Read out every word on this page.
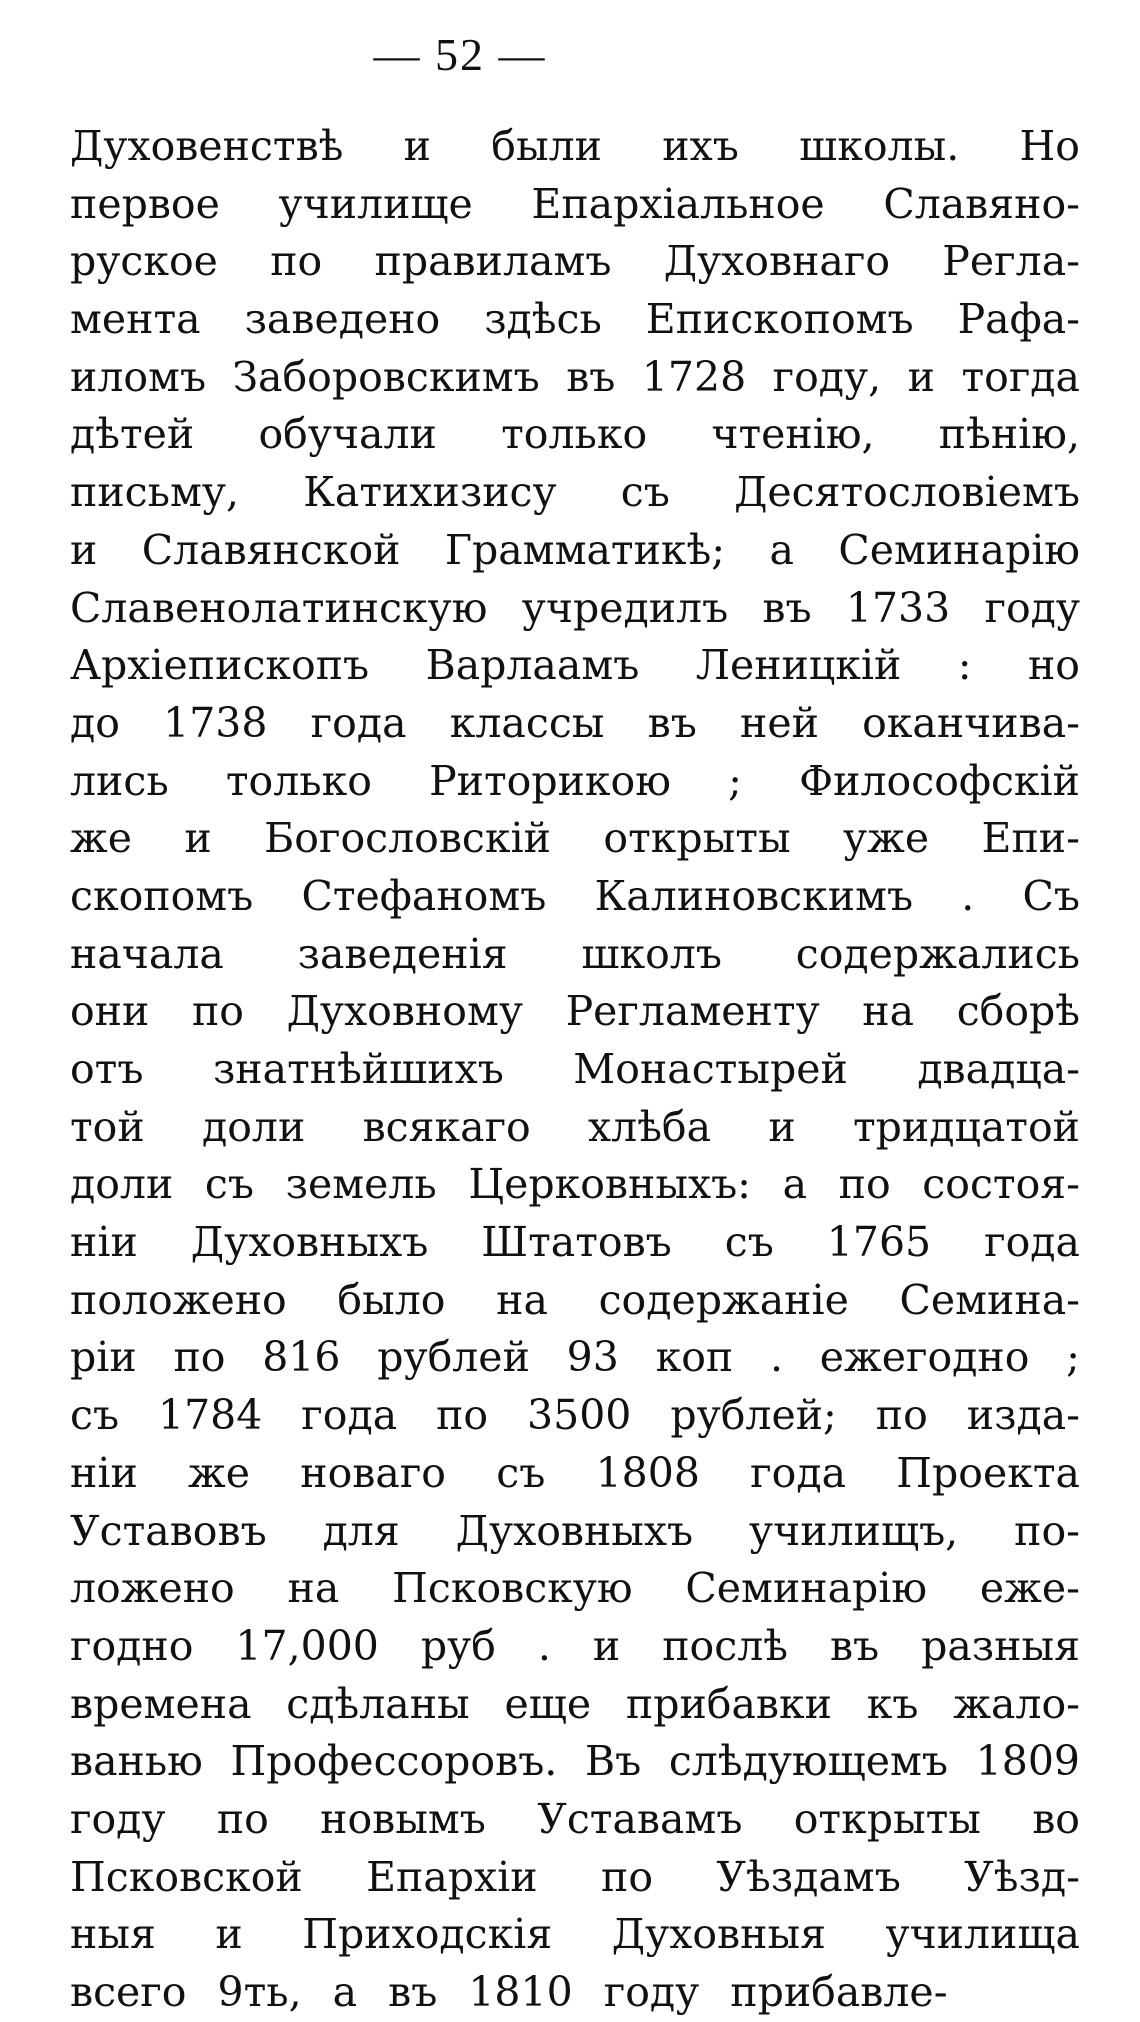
— 52 —
Духовенствѣ и были ихъ школы. Но
первое училище Епархіальное Славяно-
руское по правиламъ Духовнаго Регла-
мента заведено здѣсь Епископомъ Рафа-
иломъ Заборовскимъ въ 1728 году, и тогда
дѣтей обучали только чтенію, пѣнію,
письму, Катихизису съ Десятословіемъ
и Славянской Грамматикѣ; а Семинарію
Славенолатинскую учредилъ въ 1733 году
Архіепископъ Варлаамъ Леницкій : но
до 1738 года классы въ ней оканчива-
лись только Риторикою ; Философскій
же и Богословскій открыты уже Епи-
скопомъ Стефаномъ Калиновскимъ . Съ
начала заведенія школъ содержались
они по Духовному Регламенту на сборѣ
отъ знатнѣйшихъ Монастырей двадца-
той доли всякаго хлѣба и тридцатой
доли съ земель Церковныхъ: а по состоя-
ніи Духовныхъ Штатовъ съ 1765 года
положено было на содержаніе Семина-
ріи по 816 рублей 93 коп . ежегодно ;
съ 1784 года по 3500 рублей; по изда-
ніи же новаго съ 1808 года Проекта
Уставовъ для Духовныхъ училищъ, по-
ложено на Псковскую Семинарію еже-
годно 17,000 руб . и послѣ въ разныя
времена сдѣланы еще прибавки къ жало-
ванью Профессоровъ. Въ слѣдующемъ 1809
году по новымъ Уставамъ открыты во
Псковской Епархіи по Уѣздамъ Уѣзд-
ныя и Приходскія Духовныя училища
всего 9ть, а въ 1810 году прибавле-
